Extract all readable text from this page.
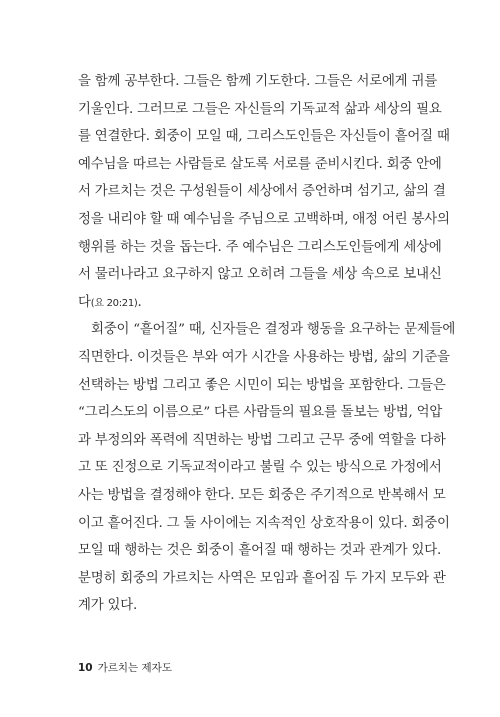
을 함께 공부한다. 그들은 함께 기도한다. 그들은 서로에게 귀를
기울인다. 그러므로 그들은 자신들의 기독교적 삶과 세상의 필요
를 연결한다. 회중이 모일 때, 그리스도인들은 자신들이 흩어질 때
예수님을 따르는 사람들로 살도록 서로를 준비시킨다. 회중 안에
서 가르치는 것은 구성원들이 세상에서 증언하며 섬기고, 삶의 결
정을 내리야 할 때 예수님을 주님으로 고백하며, 애정 어린 봉사의
행위를 하는 것을 돕는다. 주 예수님은 그리스도인들에게 세상에
서 물러나라고 요구하지 않고 오히려 그들을 세상 속으로 보내신
다(요 20:21).
회중이 “흩어질” 때, 신자들은 결정과 행동을 요구하는 문제들에
직면한다. 이것들은 부와 여가 시간을 사용하는 방법, 삶의 기준을
선택하는 방법 그리고 좋은 시민이 되는 방법을 포함한다. 그들은
“그리스도의 이름으로” 다른 사람들의 필요를 돌보는 방법, 억압
과 부정의와 폭력에 직면하는 방법 그리고 근무 중에 역할을 다하
고 또 진정으로 기독교적이라고 불릴 수 있는 방식으로 가정에서
사는 방법을 결정해야 한다. 모든 회중은 주기적으로 반복해서 모
이고 흩어진다. 그 둘 사이에는 지속적인 상호작용이 있다. 회중이
모일 때 행하는 것은 회중이 흩어질 때 행하는 것과 관계가 있다.
분명히 회중의 가르치는 사역은 모임과 흩어짐 두 가지 모두와 관
계가 있다.
10 가르치는 제자도
